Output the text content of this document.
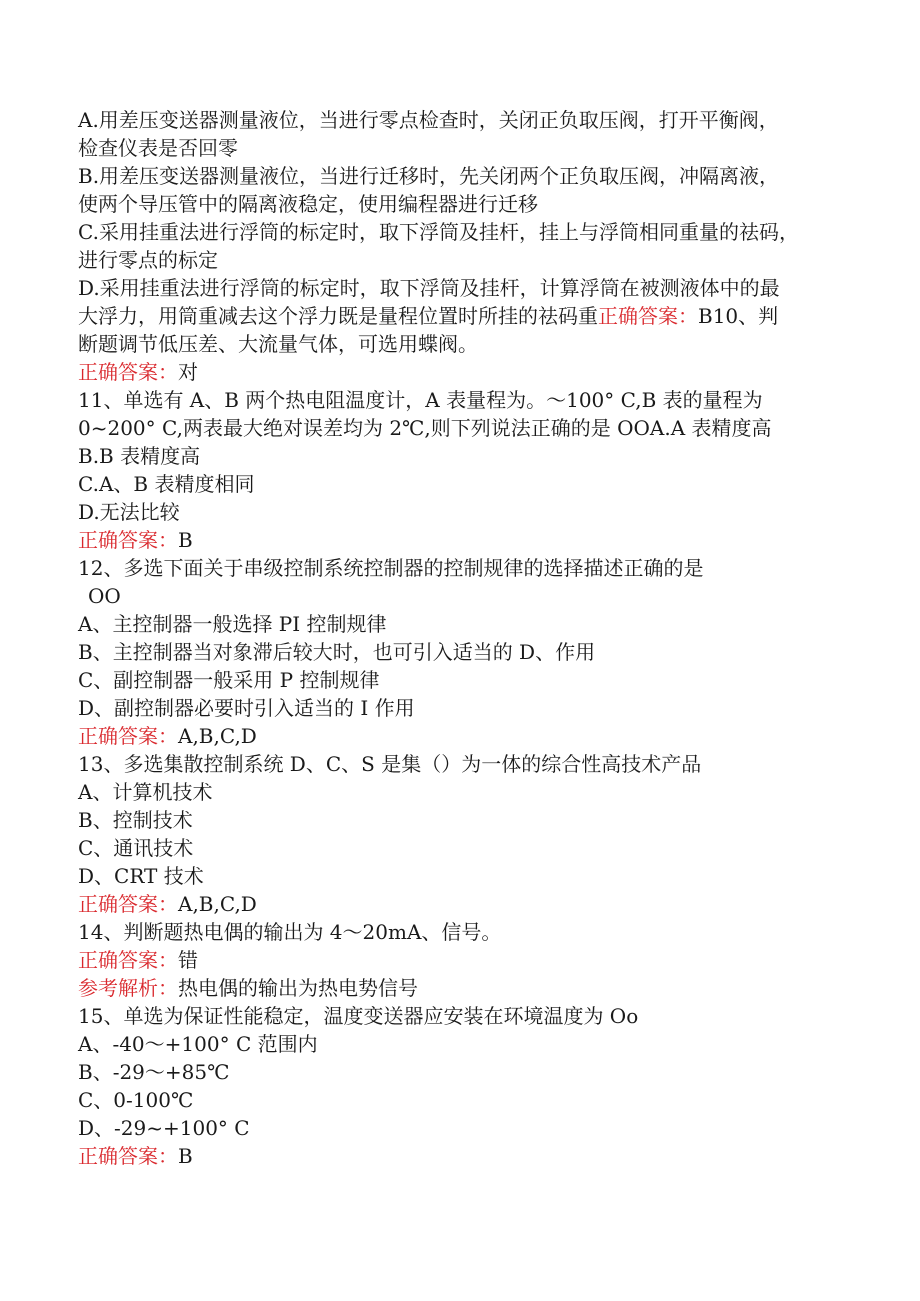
A.用差压变送器测量液位，当进行零点检查时，关闭正负取压阀，打开平衡阀，
检查仪表是否回零
B.用差压变送器测量液位，当进行迁移时，先关闭两个正负取压阀，冲隔离液，
使两个导压管中的隔离液稳定，使用编程器进行迁移
C.采用挂重法进行浮筒的标定时，取下浮筒及挂杆，挂上与浮筒相同重量的祛码，
进行零点的标定
D.采用挂重法进行浮筒的标定时，取下浮筒及挂杆，计算浮筒在被测液体中的最
大浮力，用筒重减去这个浮力既是量程位置时所挂的祛码重正确答案：B10、判
断题调节低压差、大流量气体，可选用蝶阀。
正确答案：对
11、单选有 A、B 两个热电阻温度计，A 表量程为。～100° C,B 表的量程为
0~200° C,两表最大绝对误差均为 2℃,则下列说法正确的是 OOA.A 表精度高
B.B 表精度高
C.A、B 表精度相同
D.无法比较
正确答案：B
12、多选下面关于串级控制系统控制器的控制规律的选择描述正确的是
OO
A、主控制器一般选择 PI 控制规律
B、主控制器当对象滞后较大时，也可引入适当的 D、作用
C、副控制器一般采用 P 控制规律
D、副控制器必要时引入适当的 I 作用
正确答案：A,B,C,D
13、多选集散控制系统 D、C、S 是集（）为一体的综合性高技术产品
A、计算机技术
B、控制技术
C、通讯技术
D、CRT 技术
正确答案：A,B,C,D
14、判断题热电偶的输出为 4～20mA、信号。
正确答案：错
参考解析：热电偶的输出为热电势信号
15、单选为保证性能稳定，温度变送器应安装在环境温度为 Oo
A、-40～+100° C 范围内
B、-29～+85℃
C、0-100℃
D、-29~+100° C
正确答案：B
